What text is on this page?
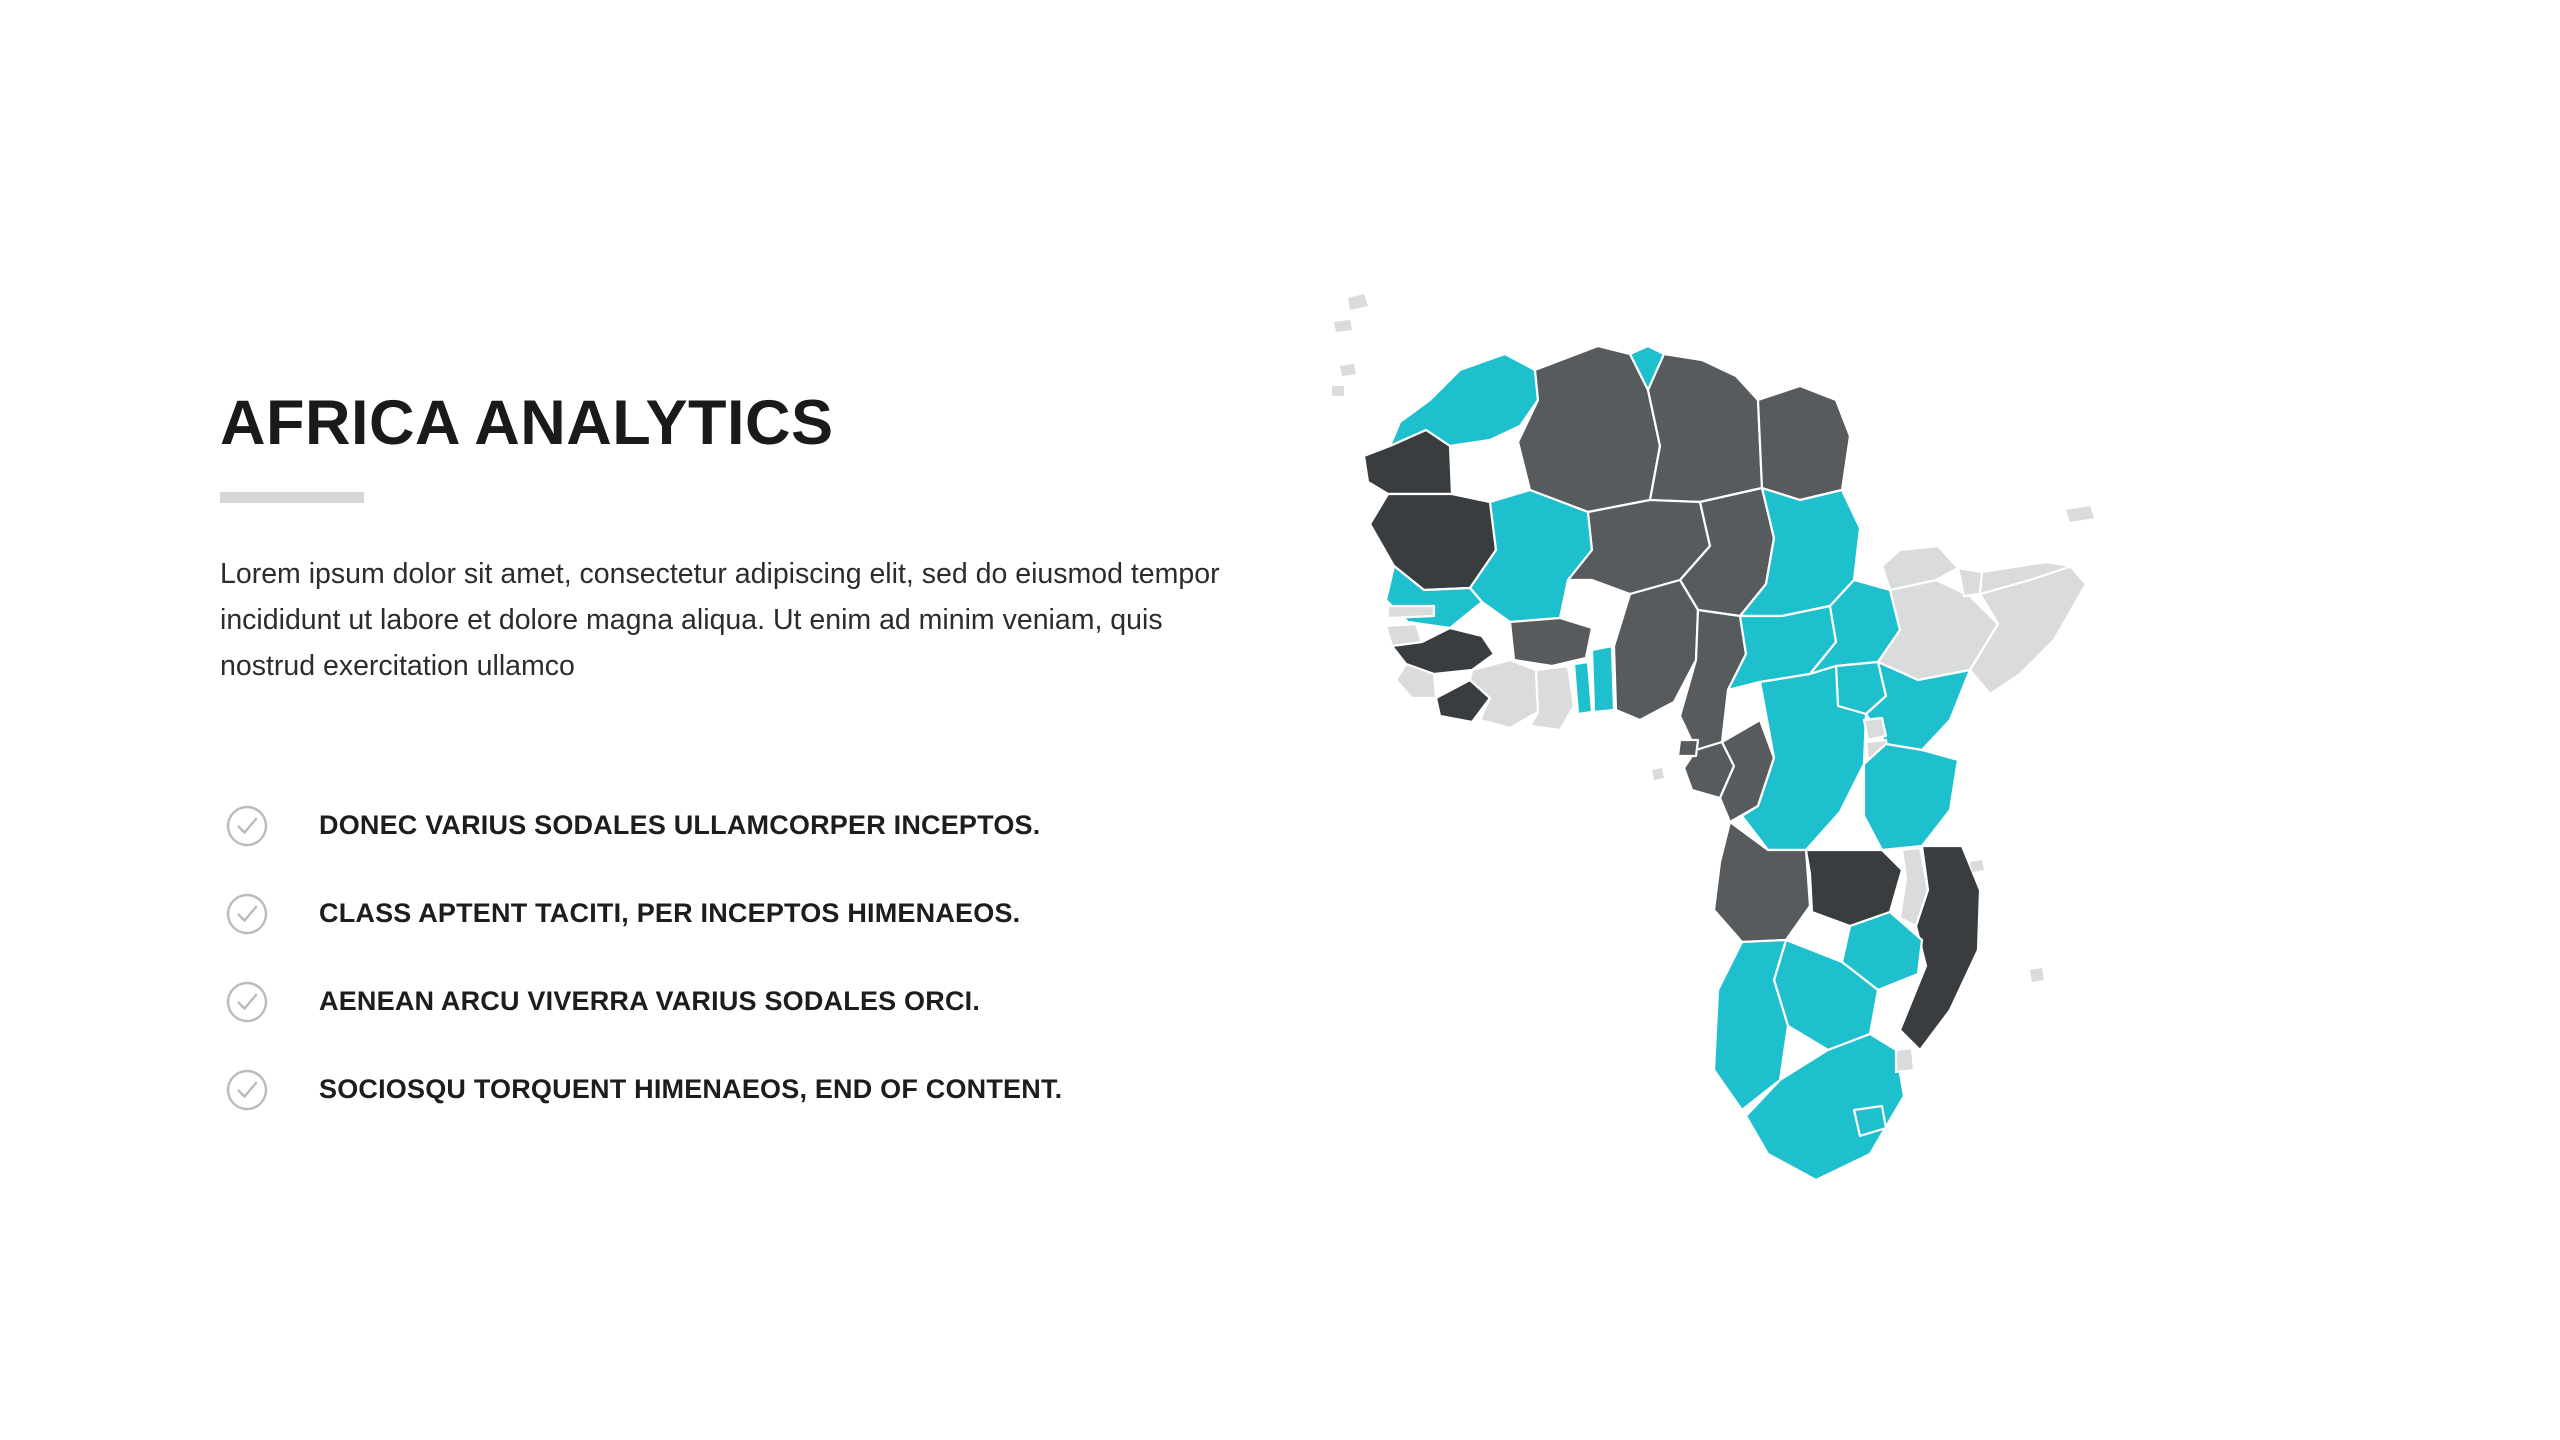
AFRICA ANALYTICS

Lorem ipsum dolor sit amet, consectetur adipiscing elit, sed do eiusmod tempor incididunt ut labore et dolore magna aliqua. Ut enim ad minim veniam, quis nostrud exercitation ullamco

DONEC VARIUS SODALES ULLAMCORPER INCEPTOS.
CLASS APTENT TACITI, PER INCEPTOS HIMENAEOS.
AENEAN ARCU VIVERRA VARIUS SODALES ORCI.
SOCIOSQU TORQUENT HIMENAEOS, END OF CONTENT.
